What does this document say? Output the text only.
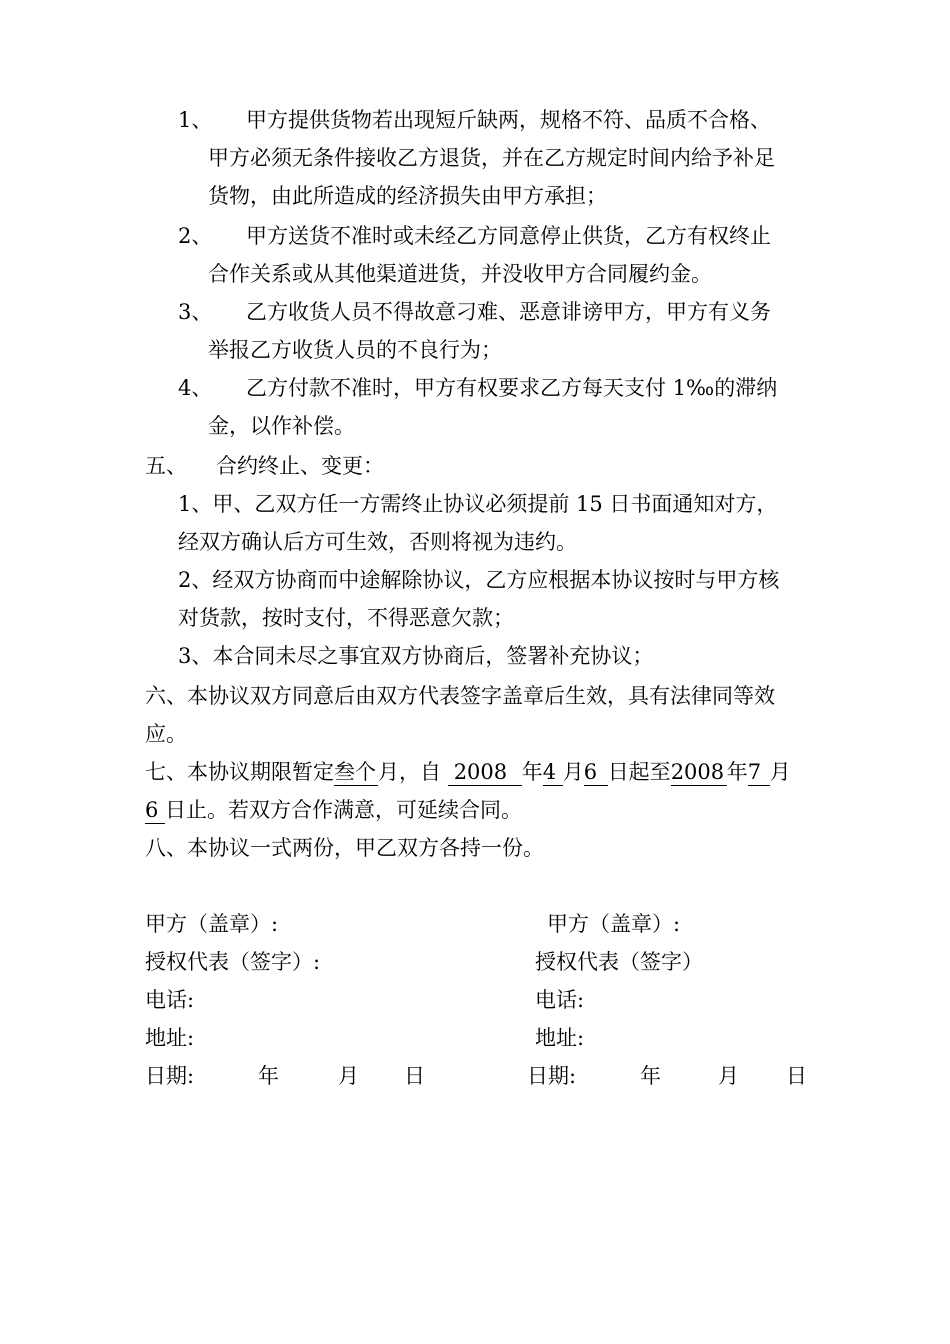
1、 甲方提供货物若出现短斤缺两，规格不符、品质不合格、
甲方必须无条件接收乙方退货，并在乙方规定时间内给予补足
货物，由此所造成的经济损失由甲方承担；
2、 甲方送货不准时或未经乙方同意停止供货，乙方有权终止
合作关系或从其他渠道进货，并没收甲方合同履约金。
3、 乙方收货人员不得故意刁难、恶意诽谤甲方，甲方有义务
举报乙方收货人员的不良行为；
4、 乙方付款不准时，甲方有权要求乙方每天支付 1‰的滞纳
金，以作补偿。
五、 合约终止、变更：
1、甲、乙双方任一方需终止协议必须提前 15 日书面通知对方，
经双方确认后方可生效，否则将视为违约。
2、经双方协商而中途解除协议，乙方应根据本协议按时与甲方核
对货款，按时支付，不得恶意欠款；
3、本合同未尽之事宜双方协商后，签署补充协议；
六、本协议双方同意后由双方代表签字盖章后生效，具有法律同等效
应。
七、本协议期限暂定叁个月，自 2008 年4 月6 日起至2008 年7 月
6 日止。若双方合作满意，可延续合同。
八、本协议一式两份，甲乙双方各持一份。
甲方（盖章）:
授权代表（签字）:
电话:
地址:
日期:	年	月 日
甲方（盖章）:
授权代表（签字）
电话:
地址:
日期:	年	月 日
